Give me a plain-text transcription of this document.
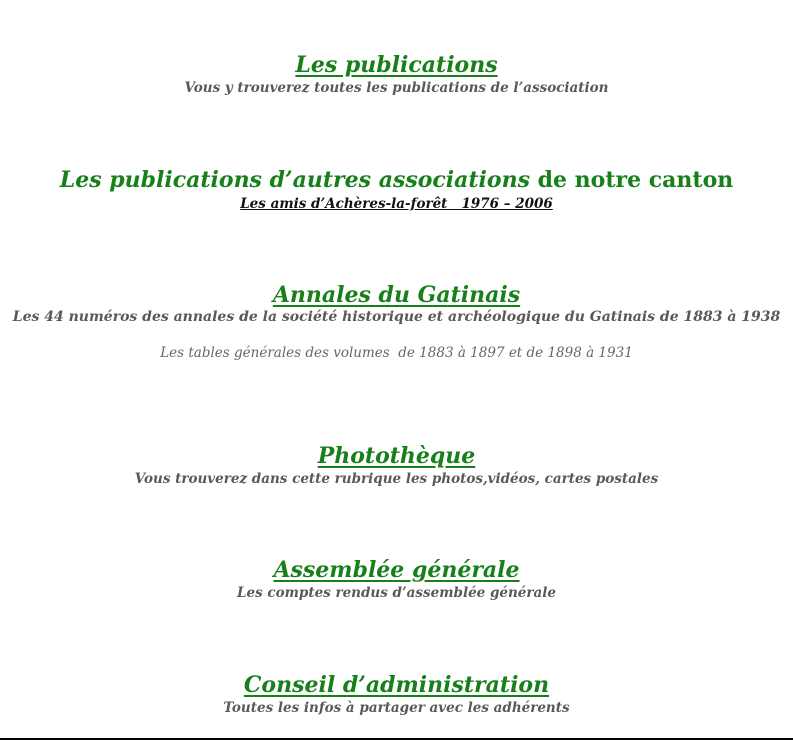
Les publications
Vous y trouverez toutes les publications de l’association
Les publications d’autres associations de notre canton
Les amis d’Achères-la-forêt   1976 – 2006
Annales du Gatinais
Les 44 numéros des annales de la société historique et archéologique du Gatinais de 1883 à 1938
Les tables générales des volumes  de 1883 à 1897 et de 1898 à 1931
Photothèque
Vous trouverez dans cette rubrique les photos,vidéos, cartes postales
Assemblée générale
Les comptes rendus d’assemblée générale
Conseil d’administration
Toutes les infos à partager avec les adhérents
